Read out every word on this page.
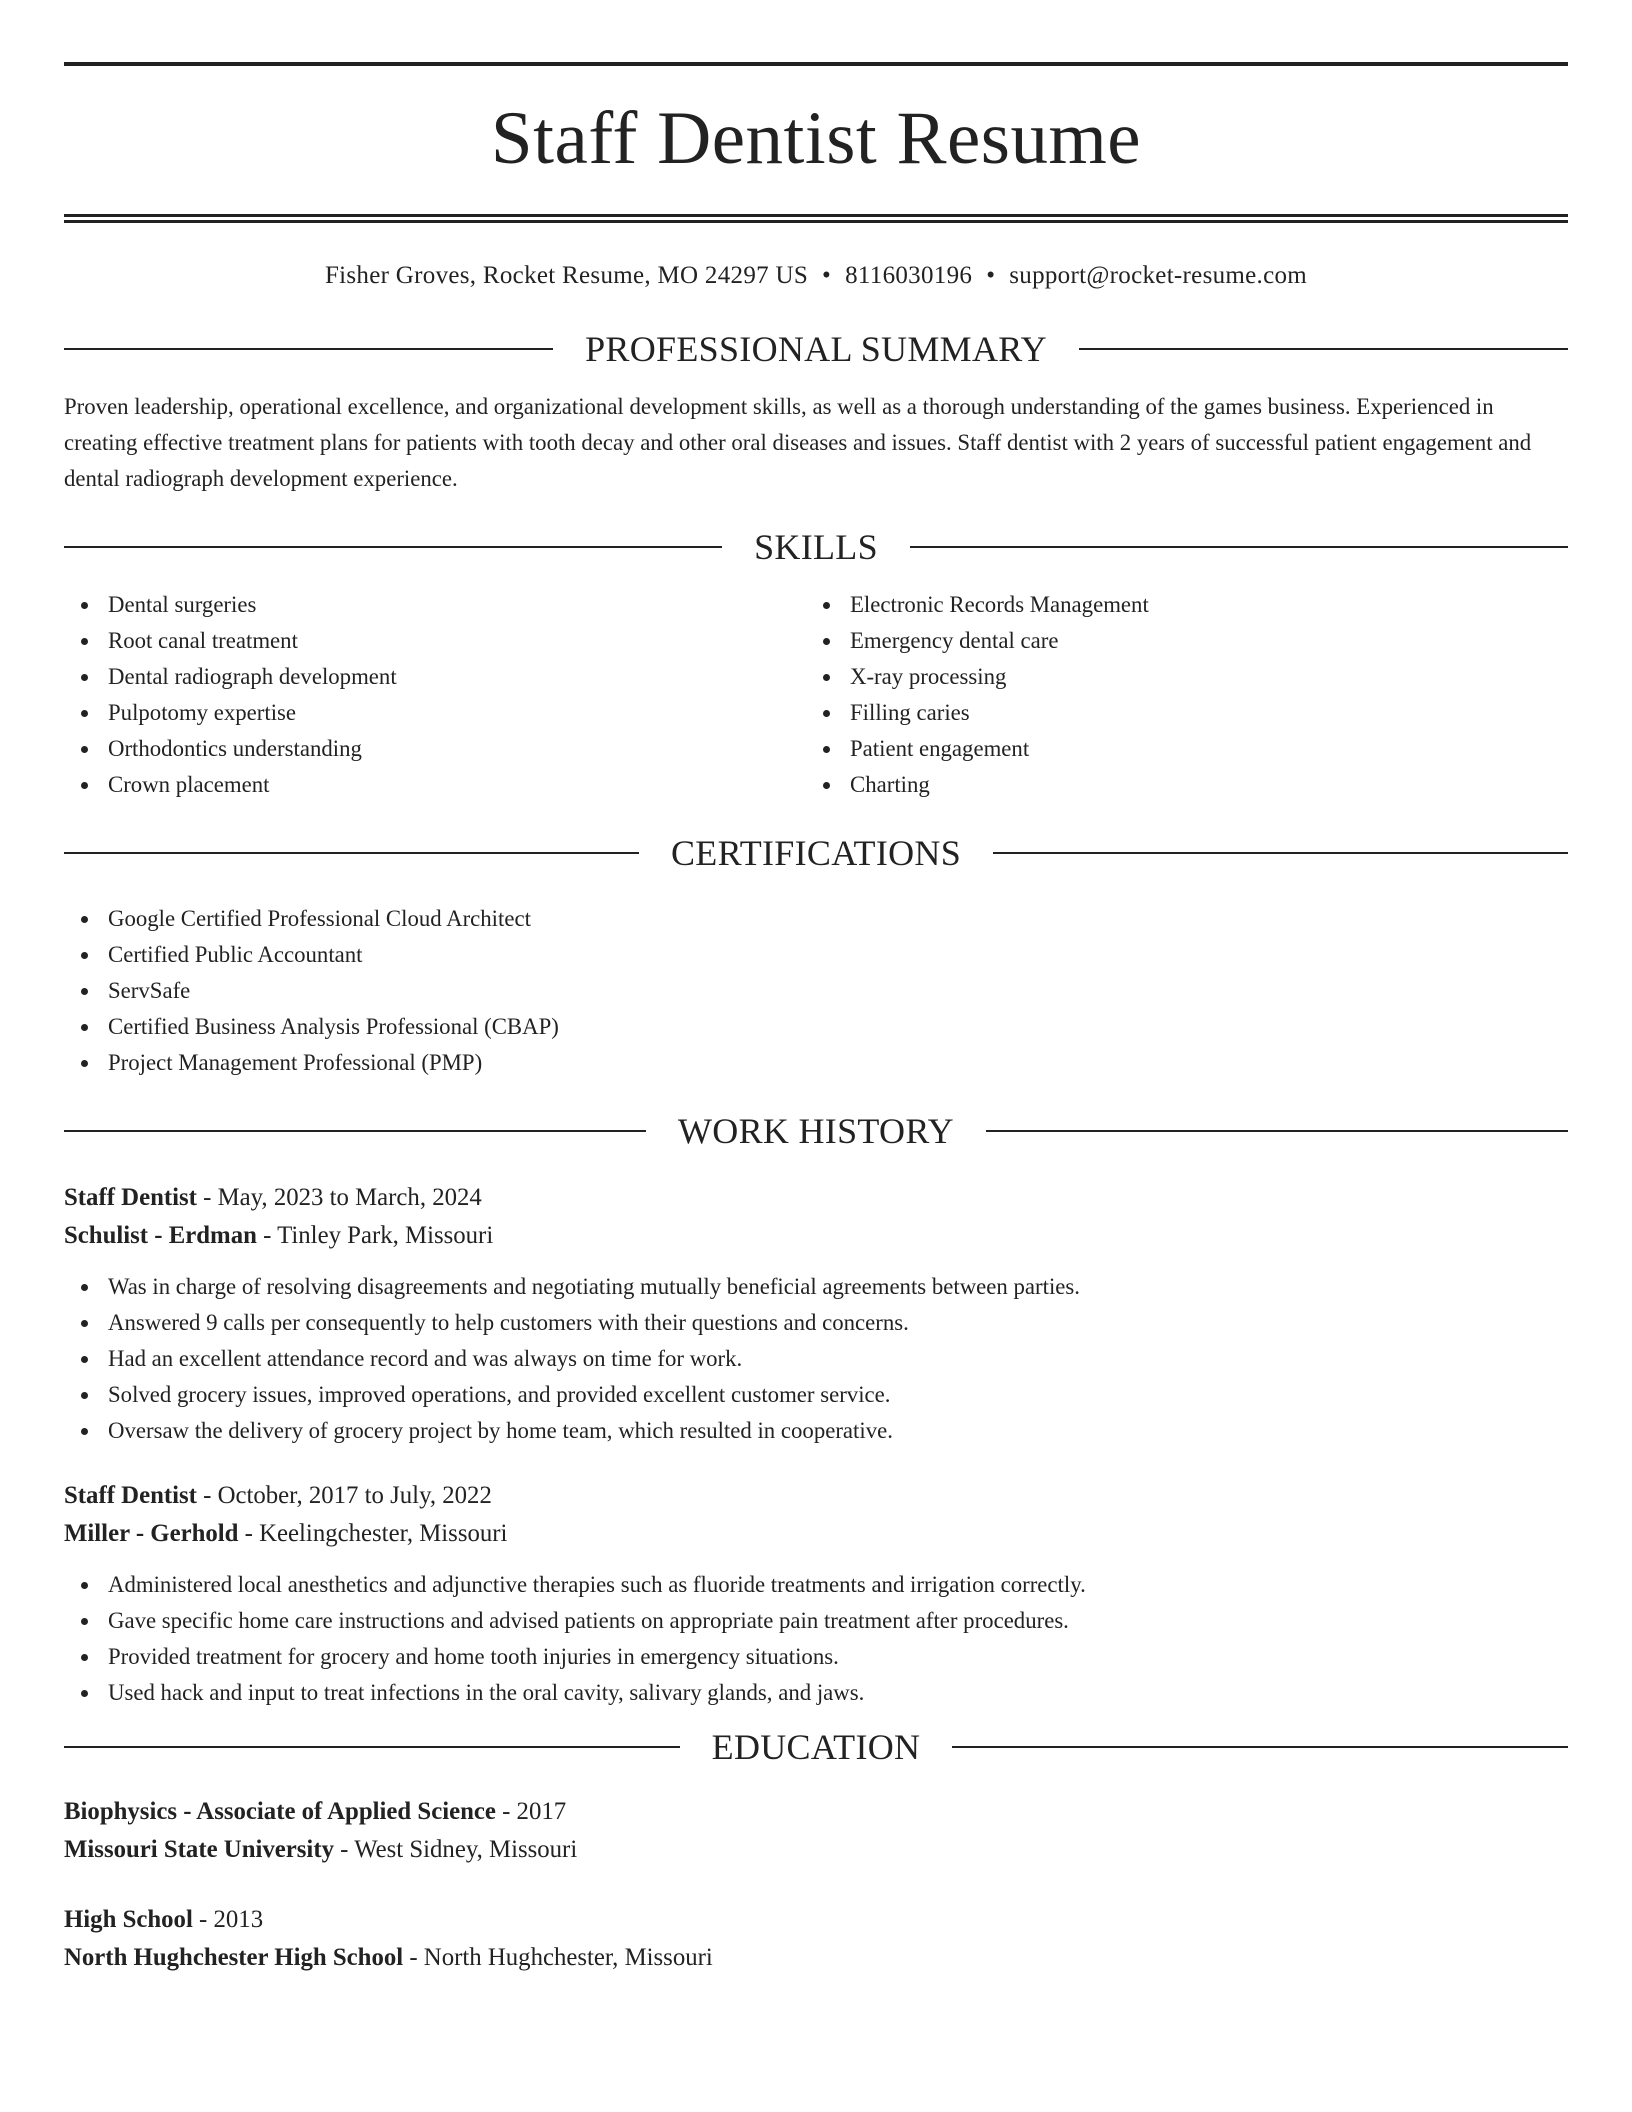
Staff Dentist Resume
Fisher Groves, Rocket Resume, MO 24297 US • 8116030196 • support@rocket-resume.com
PROFESSIONAL SUMMARY

Proven leadership, operational excellence, and organizational development skills, as well as a thorough understanding of the games business. Experienced in creating effective treatment plans for patients with tooth decay and other oral diseases and issues. Staff dentist with 2 years of successful patient engagement and dental radiograph development experience.

SKILLS
Dental surgeries
Root canal treatment
Dental radiograph development
Pulpotomy expertise
Orthodontics understanding
Crown placement
Electronic Records Management
Emergency dental care
X-ray processing
Filling caries
Patient engagement
Charting
CERTIFICATIONS
Google Certified Professional Cloud Architect
Certified Public Accountant
ServSafe
Certified Business Analysis Professional (CBAP)
Project Management Professional (PMP)
WORK HISTORY
Staff Dentist - May, 2023 to March, 2024
Schulist - Erdman - Tinley Park, Missouri
Was in charge of resolving disagreements and negotiating mutually beneficial agreements between parties.
Answered 9 calls per consequently to help customers with their questions and concerns.
Had an excellent attendance record and was always on time for work.
Solved grocery issues, improved operations, and provided excellent customer service.
Oversaw the delivery of grocery project by home team, which resulted in cooperative.
Staff Dentist - October, 2017 to July, 2022
Miller - Gerhold - Keelingchester, Missouri
Administered local anesthetics and adjunctive therapies such as fluoride treatments and irrigation correctly.
Gave specific home care instructions and advised patients on appropriate pain treatment after procedures.
Provided treatment for grocery and home tooth injuries in emergency situations.
Used hack and input to treat infections in the oral cavity, salivary glands, and jaws.
EDUCATION
Biophysics - Associate of Applied Science - 2017
Missouri State University - West Sidney, Missouri
High School - 2013
North Hughchester High School - North Hughchester, Missouri
